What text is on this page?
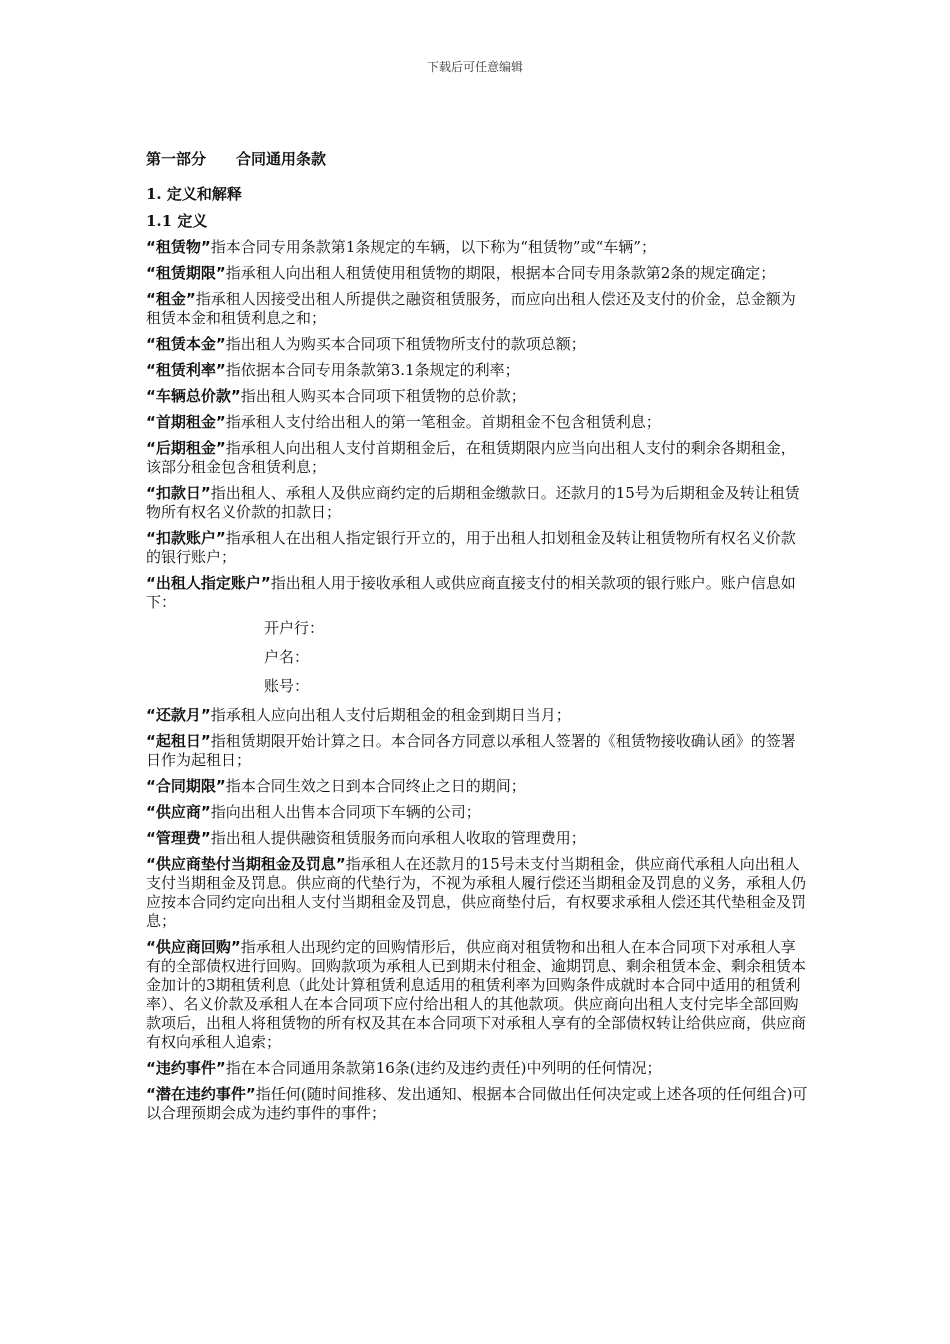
下载后可任意编辑
第一部分　　合同通用条款
1. 定义和解释
1.1 定义
“租赁物”指本合同专用条款第1条规定的车辆，以下称为“租赁物”或“车辆”；
“租赁期限”指承租人向出租人租赁使用租赁物的期限，根据本合同专用条款第2条的规定确定；
“租金”指承租人因接受出租人所提供之融资租赁服务，而应向出租人偿还及支付的价金，总金额为租赁本金和租赁利息之和；
“租赁本金”指出租人为购买本合同项下租赁物所支付的款项总额；
“租赁利率”指依据本合同专用条款第3.1条规定的利率；
“车辆总价款”指出租人购买本合同项下租赁物的总价款；
“首期租金”指承租人支付给出租人的第一笔租金。首期租金不包含租赁利息；
“后期租金”指承租人向出租人支付首期租金后，在租赁期限内应当向出租人支付的剩余各期租金，该部分租金包含租赁利息；
“扣款日”指出租人、承租人及供应商约定的后期租金缴款日。还款月的15号为后期租金及转让租赁物所有权名义价款的扣款日；
“扣款账户”指承租人在出租人指定银行开立的，用于出租人扣划租金及转让租赁物所有权名义价款的银行账户；
“出租人指定账户”指出租人用于接收承租人或供应商直接支付的相关款项的银行账户。账户信息如下：
开户行：
户名：
账号：
“还款月”指承租人应向出租人支付后期租金的租金到期日当月；
“起租日”指租赁期限开始计算之日。本合同各方同意以承租人签署的《租赁物接收确认函》的签署日作为起租日；
“合同期限”指本合同生效之日到本合同终止之日的期间；
“供应商”指向出租人出售本合同项下车辆的公司；
“管理费”指出租人提供融资租赁服务而向承租人收取的管理费用；
“供应商垫付当期租金及罚息”指承租人在还款月的15号未支付当期租金，供应商代承租人向出租人支付当期租金及罚息。供应商的代垫行为，不视为承租人履行偿还当期租金及罚息的义务，承租人仍应按本合同约定向出租人支付当期租金及罚息，供应商垫付后，有权要求承租人偿还其代垫租金及罚息；
“供应商回购”指承租人出现约定的回购情形后，供应商对租赁物和出租人在本合同项下对承租人享有的全部债权进行回购。回购款项为承租人已到期未付租金、逾期罚息、剩余租赁本金、剩余租赁本金加计的3期租赁利息（此处计算租赁利息适用的租赁利率为回购条件成就时本合同中适用的租赁利率）、名义价款及承租人在本合同项下应付给出租人的其他款项。供应商向出租人支付完毕全部回购款项后，出租人将租赁物的所有权及其在本合同项下对承租人享有的全部债权转让给供应商，供应商有权向承租人追索；
“违约事件”指在本合同通用条款第16条(违约及违约责任)中列明的任何情况；
“潜在违约事件”指任何(随时间推移、发出通知、根据本合同做出任何决定或上述各项的任何组合)可以合理预期会成为违约事件的事件；
